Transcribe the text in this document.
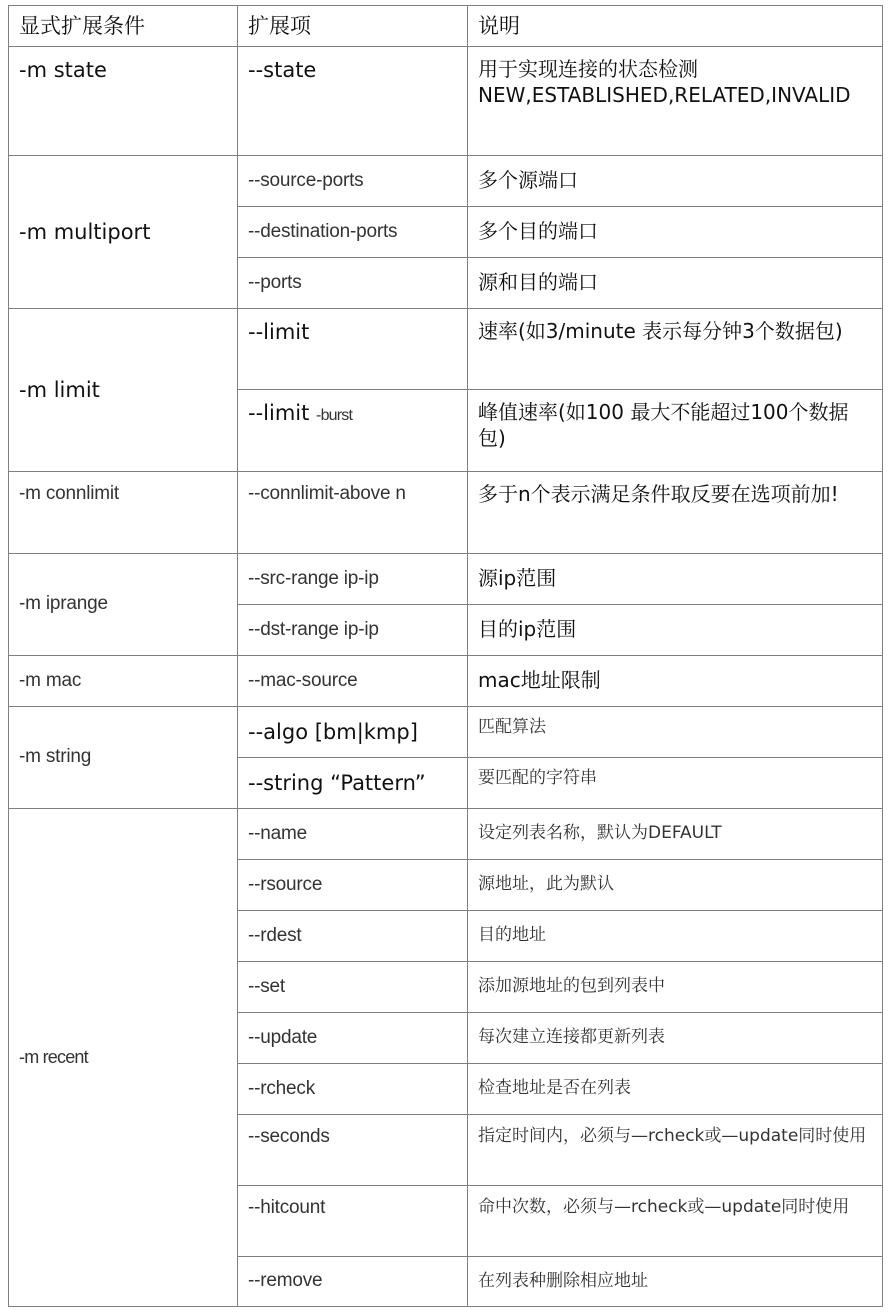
显式扩展条件	扩展项	说明
-m state	--state	用于实现连接的状态检测
NEW,ESTABLISHED,RELATED,INVALID

-m multiport	--source-ports	多个源端口
	--destination-ports	多个目的端口
	--ports	源和目的端口
-m limit	--limit	速率(如3/minute 表示每分钟3个数据包)
	--limit -burst	峰值速率(如100 最大不能超过100个数据包)
-m connlimit	--connlimit-above n	多于n个表示满足条件取反要在选项前加!
-m iprange	--src-range ip-ip	源ip范围
	--dst-range ip-ip	目的ip范围
-m mac	--mac-source	mac地址限制
-m string	--algo [bm|kmp]	匹配算法
	--string “Pattern”	要匹配的字符串
-m recent	--name	设定列表名称，默认为DEFAULT
	--rsource	源地址，此为默认
	--rdest	目的地址
	--set	添加源地址的包到列表中
	--update	每次建立连接都更新列表
	--rcheck	检查地址是否在列表
	--seconds	指定时间内，必须与—rcheck或—update同时使用
	--hitcount	命中次数，必须与—rcheck或—update同时使用
	--remove	在列表种删除相应地址
